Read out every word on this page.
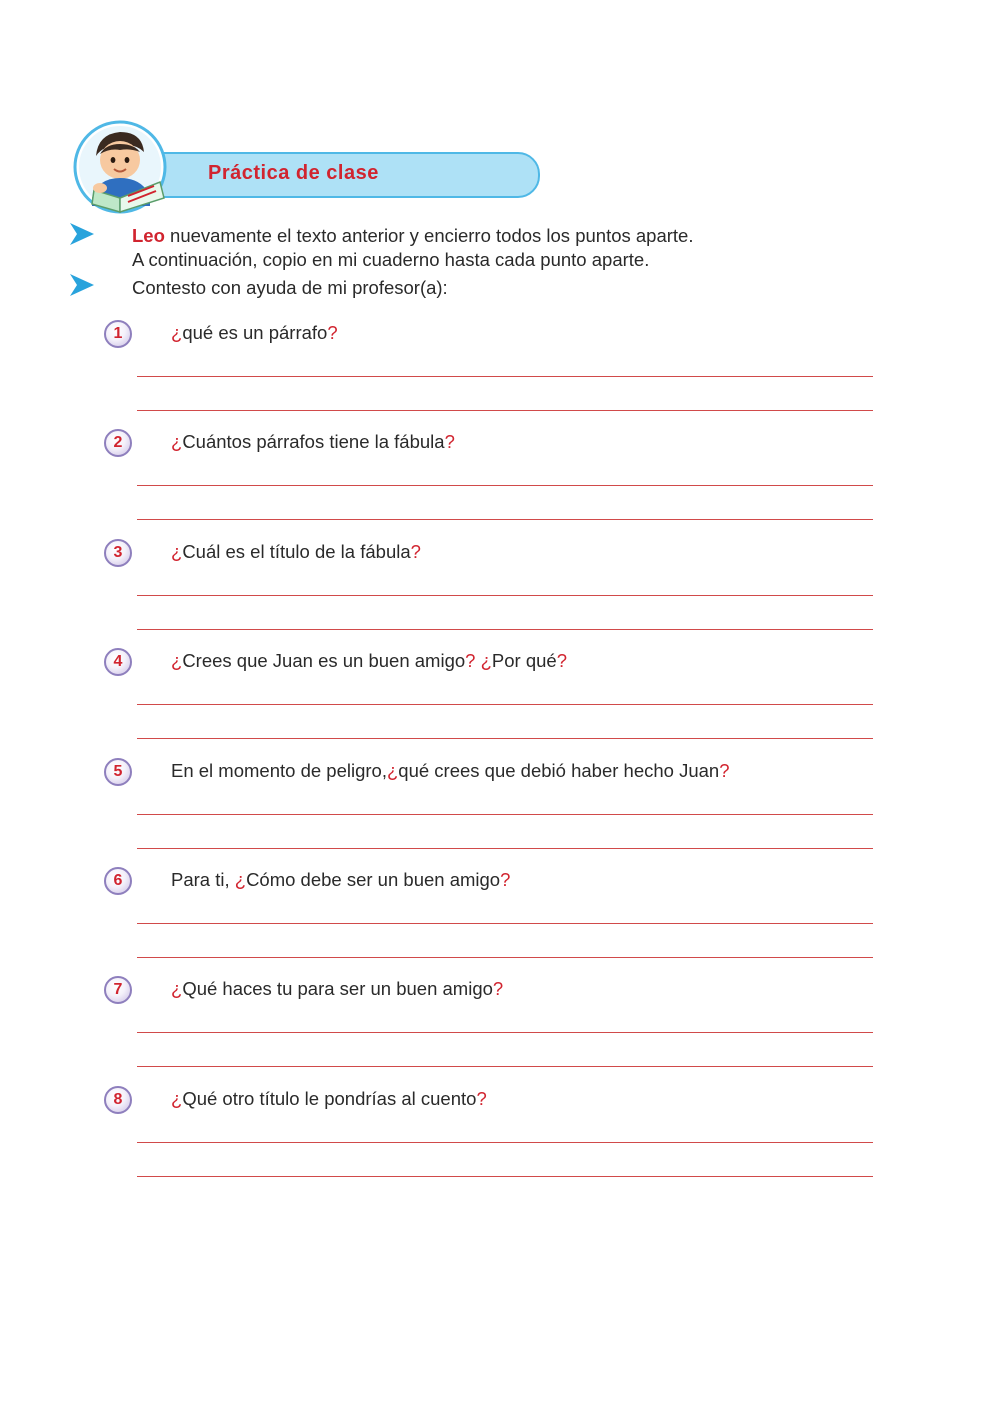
Práctica de clase
Leo nuevamente el texto anterior y encierro todos los puntos aparte.
A continuación, copio en mi cuaderno hasta cada punto aparte.
Contesto con ayuda de mi profesor(a):
1	¿qué es un párrafo?
2	¿Cuántos párrafos tiene la fábula?
3	¿Cuál es el título de la fábula?
4	¿Crees que Juan es un buen amigo? ¿Por qué?
5	En el momento de peligro,¿qué crees que debió haber hecho Juan?
6	Para ti, ¿Cómo debe ser un buen amigo?
7	¿Qué haces tu para ser un buen amigo?
8	¿Qué otro título le pondrías al cuento?
